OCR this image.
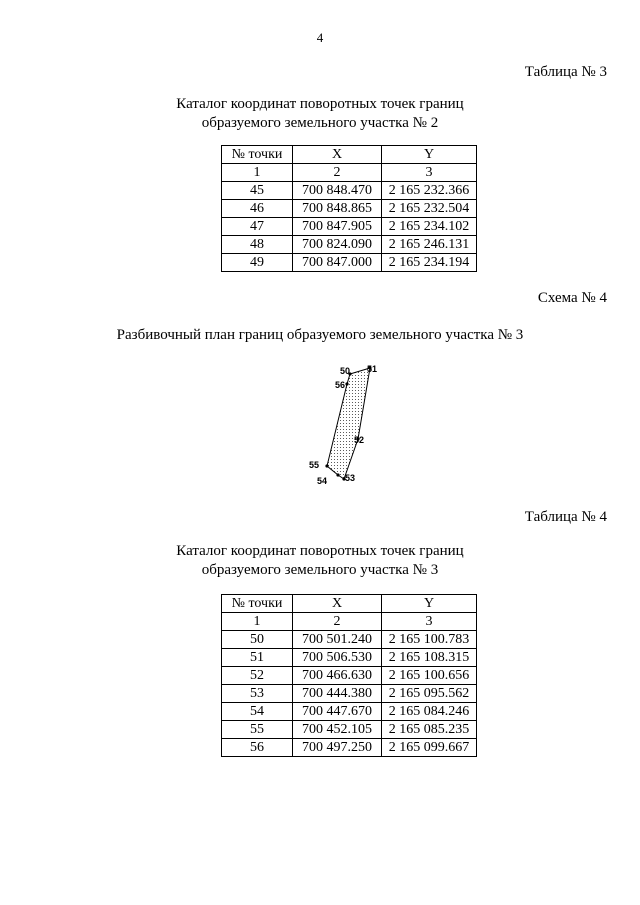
4
Таблица № 3
Каталог координат поворотных точек границ
образуемого земельного участка № 2
№ точки	X	Y
1	2	3
45	700 848.470	2 165 232.366
46	700 848.865	2 165 232.504
47	700 847.905	2 165 234.102
48	700 824.090	2 165 246.131
49	700 847.000	2 165 234.194
Схема № 4
Разбивочный план границ образуемого земельного участка № 3
50 51
52
53
54
55
56
Таблица № 4
Каталог координат поворотных точек границ
образуемого земельного участка № 3
№ точки	X	Y
1	2	3
50	700 501.240	2 165 100.783
51	700 506.530	2 165 108.315
52	700 466.630	2 165 100.656
53	700 444.380	2 165 095.562
54	700 447.670	2 165 084.246
55	700 452.105	2 165 085.235
56	700 497.250	2 165 099.667
